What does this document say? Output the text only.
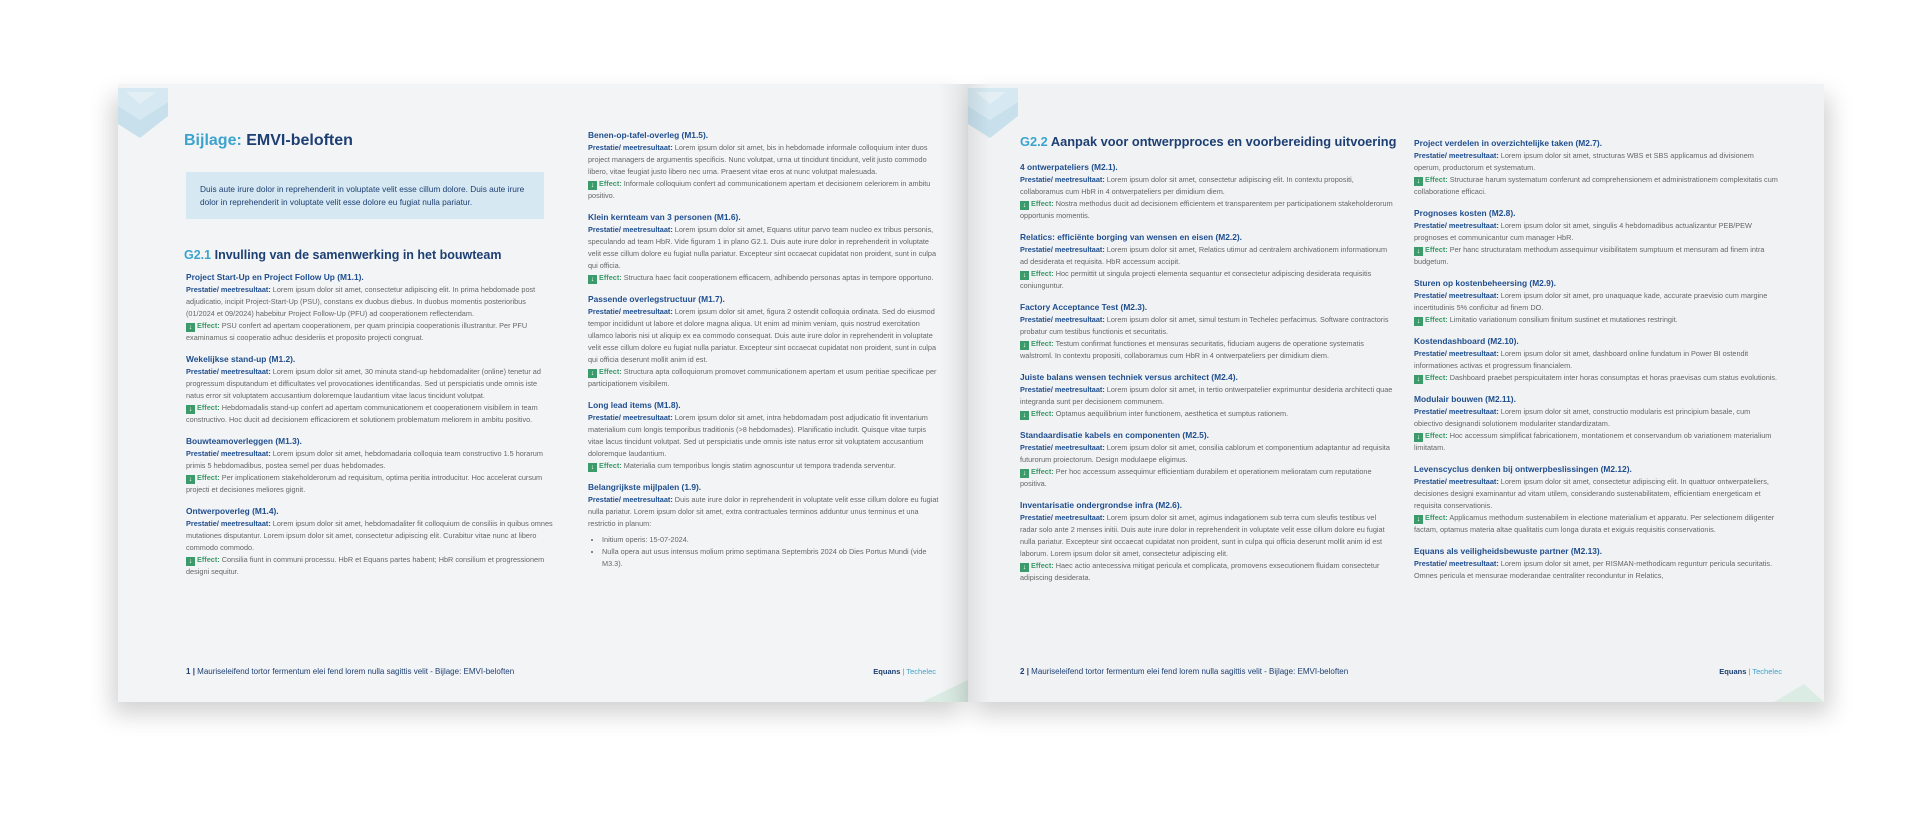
Bijlage: EMVI-beloften
Duis aute irure dolor in reprehenderit in voluptate velit esse cillum dolore. Duis aute irure dolor in reprehenderit in voluptate velit esse dolore eu fugiat nulla pariatur.
G2.1 Invulling van de samenwerking in het bouwteam
Project Start-Up en Project Follow Up (M1.1).
Prestatie/ meetresultaat: Lorem ipsum dolor sit amet, consectetur adipiscing elit. In prima hebdomade post adjudicatio, incipit Project-Start-Up (PSU), constans ex duobus diebus. In duobus momentis posterioribus (01/2024 et 09/2024) habebitur Project Follow-Up (PFU) ad cooperationem reflectendam.
↓ Effect: PSU confert ad apertam cooperationem, per quam principia cooperationis illustrantur. Per PFU examinamus si cooperatio adhuc desideriis et proposito projecti congruat.
Wekelijkse stand-up (M1.2).
Prestatie/ meetresultaat: Lorem ipsum dolor sit amet, 30 minuta stand-up hebdomadaliter (online) tenetur ad progressum disputandum et difficultates vel provocationes identificandas. Sed ut perspiciatis unde omnis iste natus error sit voluptatem accusantium doloremque laudantium vitae lacus tincidunt volutpat.
↓ Effect: Hebdomadalis stand-up confert ad apertam communicationem et cooperationem visibilem in team constructivo. Hoc ducit ad decisionem efficaciorem et solutionem problematum meliorem in ambitu positivo.
Bouwteamoverleggen (M1.3).
Prestatie/ meetresultaat: Lorem ipsum dolor sit amet, hebdomadaria colloquia team constructivo 1.5 horarum primis 5 hebdomadibus, postea semel per duas hebdomades.
↓ Effect: Per implicationem stakeholderorum ad requisitum, optima peritia introducitur. Hoc accelerat cursum projecti et decisiones meliores gignit.
Ontwerpoverleg (M1.4).
Prestatie/ meetresultaat: Lorem ipsum dolor sit amet, hebdomadaliter fit colloquium de consiliis in quibus omnes mutationes disputantur. Lorem ipsum dolor sit amet, consectetur adipiscing elit. Curabitur vitae nunc at libero commodo commodo.
↓ Effect: Consilia fiunt in communi processu. HbR et Equans partes habent; HbR consilium et progressionem designi sequitur.
Benen-op-tafel-overleg (M1.5).
Prestatie/ meetresultaat: Lorem ipsum dolor sit amet, bis in hebdomade informale colloquium inter duos project managers de argumentis specificis. Nunc volutpat, urna ut tincidunt tincidunt, velit justo commodo libero, vitae feugiat justo libero nec urna. Praesent vitae eros at nunc volutpat malesuada.
↓ Effect: Informale colloquium confert ad communicationem apertam et decisionem celeriorem in ambitu positivo.
Klein kernteam van 3 personen (M1.6).
Prestatie/ meetresultaat: Lorem ipsum dolor sit amet, Equans utitur parvo team nucleo ex tribus personis, speculando ad team HbR. Vide figuram 1 in plano G2.1. Duis aute irure dolor in reprehenderit in voluptate velit esse cillum dolore eu fugiat nulla pariatur. Excepteur sint occaecat cupidatat non proident, sunt in culpa qui officia.
↓ Effect: Structura haec facit cooperationem efficacem, adhibendo personas aptas in tempore opportuno.
Passende overlegstructuur (M1.7).
Prestatie/ meetresultaat: Lorem ipsum dolor sit amet, figura 2 ostendit colloquia ordinata. Sed do eiusmod tempor incididunt ut labore et dolore magna aliqua. Ut enim ad minim veniam, quis nostrud exercitation ullamco laboris nisi ut aliquip ex ea commodo consequat. Duis aute irure dolor in reprehenderit in voluptate velit esse cillum dolore eu fugiat nulla pariatur. Excepteur sint occaecat cupidatat non proident, sunt in culpa qui officia deserunt mollit anim id est.
↓ Effect: Structura apta colloquiorum promovet communicationem apertam et usum peritiae specificae per participationem visibilem.
Long lead items (M1.8).
Prestatie/ meetresultaat: Lorem ipsum dolor sit amet, intra hebdomadam post adjudicatio fit inventarium materialium cum longis temporibus traditionis (>8 hebdomades). Planificatio includit. Quisque vitae turpis vitae lacus tincidunt volutpat. Sed ut perspiciatis unde omnis iste natus error sit voluptatem accusantium doloremque laudantium.
↓ Effect: Materialia cum temporibus longis statim agnoscuntur ut tempora tradenda serventur.
Belangrijkste mijlpalen (1.9).
Prestatie/ meetresultaat: Duis aute irure dolor in reprehenderit in voluptate velit esse cillum dolore eu fugiat nulla pariatur. Lorem ipsum dolor sit amet, extra contractuales terminos adduntur unus terminus et una restrictio in planum:
• Initium operis: 15-07-2024.
• Nulla opera aut usus intensus molium primo septimana Septembris 2024 ob Dies Portus Mundi (vide M3.3).
1 | Mauriseleifend tortor fermentum elei fend lorem nulla sagittis velit - Bijlage: EMVI-beloften	Equans | Techelec
G2.2 Aanpak voor ontwerpproces en voorbereiding uitvoering
4 ontwerpateliers (M2.1).
Prestatie/ meetresultaat: Lorem ipsum dolor sit amet, consectetur adipiscing elit. In contextu propositi, collaboramus cum HbR in 4 ontwerpateliers per dimidium diem.
↓ Effect: Nostra methodus ducit ad decisionem efficientem et transparentem per participationem stakeholderorum opportunis momentis.
Relatics: efficiënte borging van wensen en eisen (M2.2).
Prestatie/ meetresultaat: Lorem ipsum dolor sit amet, Relatics utimur ad centralem archivationem informationum ad desiderata et requisita. HbR accessum accipit.
↓ Effect: Hoc permittit ut singula projecti elementa sequantur et consectetur adipiscing desiderata requisitis coniunguntur.
Factory Acceptance Test (M2.3).
Prestatie/ meetresultaat: Lorem ipsum dolor sit amet, simul testum in Techelec perfacimus. Software contractoris probatur cum testibus functionis et securitatis.
↓ Effect: Testum confirmat functiones et mensuras securitatis, fiduciam augens de operatione systematis walstroml. In contextu propositi, collaboramus cum HbR in 4 ontwerpateliers per dimidium diem.
Juiste balans wensen techniek versus architect (M2.4).
Prestatie/ meetresultaat: Lorem ipsum dolor sit amet, in tertio ontwerpatelier exprimuntur desideria architecti quae integranda sunt per decisionem communem.
↓ Effect: Optamus aequilibrium inter functionem, aesthetica et sumptus rationem.
Standaardisatie kabels en componenten (M2.5).
Prestatie/ meetresultaat: Lorem ipsum dolor sit amet, consilia cablorum et componentium adaptantur ad requisita futurorum proiectorum. Design modulaере eligimus.
↓ Effect: Per hoc accessum assequimur efficientiam durabilem et operationem melioratam cum reputatione positiva.
Inventarisatie ondergrondse infra (M2.6).
Prestatie/ meetresultaat: Lorem ipsum dolor sit amet, agimus indagationem sub terra cum sleufis testibus vel radar solo ante 2 menses initii. Duis aute irure dolor in reprehenderit in voluptate velit esse cillum dolore eu fugiat nulla pariatur. Excepteur sint occaecat cupidatat non proident, sunt in culpa qui officia deserunt mollit anim id est laborum. Lorem ipsum dolor sit amet, consectetur adipiscing elit.
↓ Effect: Haec actio antecessiva mitigat pericula et complicata, promovens exsecutionem fluidam consectetur adipiscing desiderata.
Project verdelen in overzichtelijke taken (M2.7).
Prestatie/ meetresultaat: Lorem ipsum dolor sit amet, structuras WBS et SBS applicamus ad divisionem operum, productorum et systematum.
↓ Effect: Structurae harum systematum conferunt ad comprehensionem et administrationem complexitatis cum collaboratione efficaci.
Prognoses kosten (M2.8).
Prestatie/ meetresultaat: Lorem ipsum dolor sit amet, singulis 4 hebdomadibus actualizantur PEB/PEW prognoses et communicantur cum manager HbR.
↓ Effect: Per hanc structuratam methodum assequimur visibilitatem sumptuum et mensuram ad finem intra budgetum.
Sturen op kostenbeheersing (M2.9).
Prestatie/ meetresultaat: Lorem ipsum dolor sit amet, pro unaquaque kade, accurate praevisio cum margine incertitudinis 5% conficitur ad finem DO.
↓ Effect: Limitatio variationum consilium finitum sustinet et mutationes restringit.
Kostendashboard (M2.10).
Prestatie/ meetresultaat: Lorem ipsum dolor sit amet, dashboard online fundatum in Power BI ostendit informationes activas et progressum financialem.
↓ Effect: Dashboard praebet perspicuitatem inter horas consumptas et horas praevisas cum status evolutionis.
Modulair bouwen (M2.11).
Prestatie/ meetresultaat: Lorem ipsum dolor sit amet, constructio modularis est principium basale, cum obiectivo designandi solutionem modulariter standardizatam.
↓ Effect: Hoc accessum simplificat fabricationem, montationem et conservandum ob variationem materialium limitatam.
Levenscyclus denken bij ontwerpbeslissingen (M2.12).
Prestatie/ meetresultaat: Lorem ipsum dolor sit amet, consectetur adipiscing elit. In quattuor ontwerpateliers, decisiones designi examinantur ad vitam utilem, considerando sustenabilitatem, efficientiam energeticam et requisita conservationis.
↓ Effect: Applicamus methodum sustenabilem in electione materialium et apparatu. Per selectionem diligenter factam, optamus materia altae qualitatis cum longa durata et exiguis requisitis conservationis.
Equans als veiligheidsbewuste partner (M2.13).
Prestatie/ meetresultaat: Lorem ipsum dolor sit amet, per RISMAN-methodicam regunturr pericula securitatis. Omnes pericula et mensurae moderandae centraliter reconduntur in Relatics,
2 | Mauriseleifend tortor fermentum elei fend lorem nulla sagittis velit - Bijlage: EMVI-beloften	Equans | Techelec
